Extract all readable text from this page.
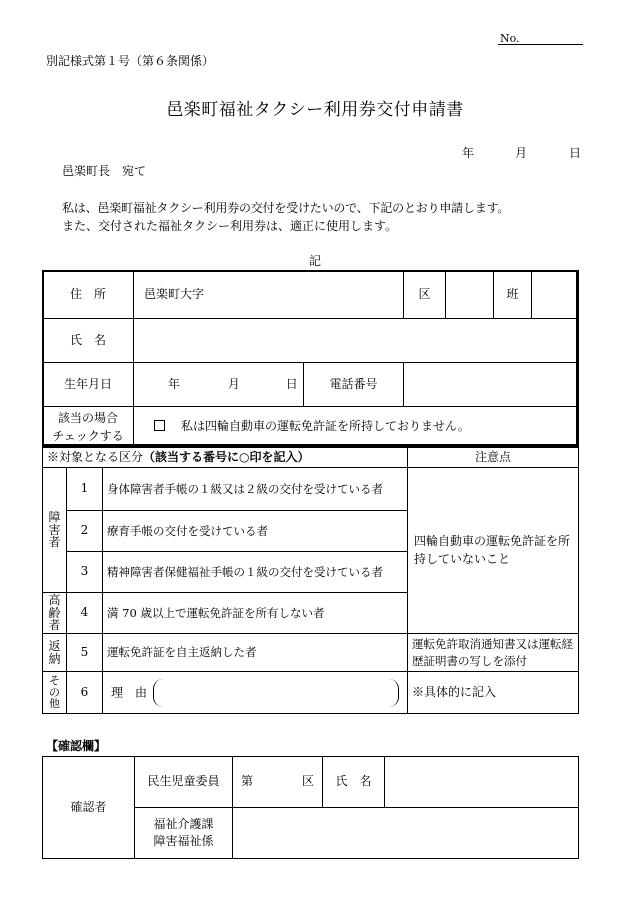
No.
別記様式第１号（第６条関係）
邑楽町福祉タクシー利用券交付申請書
年	月	日
邑楽町長　宛て
私は、邑楽町福祉タクシー利用券の交付を受けたいので、下記のとおり申請します。
また、交付された福祉タクシー利用券は、適正に使用します。
記
住　所	邑楽町大字		区		班	
氏　名						
生年月日	年 月 日	電話番号				
該当の場合
チェックする	私は四輪自動車の運転免許証を所持しておりません。					
※対象となる区分（該当する番号に○印を記入）			注意点
障害者	1	身体障害者手帳の１級又は２級の交付を受けている者	四輪自動車の運転免許証を所持していないこと
	2	療育手帳の交付を受けている者	
	3	精神障害者保健福祉手帳の１級の交付を受けている者	
高齢者	4	満 70 歳以上で運転免許証を所有しない者	
返納	5	運転免許証を自主返納した者	運転免許取消通知書又は運転経歴証明書の写しを添付
その他	6	理　由	※具体的に記入
【確認欄】
確認者	民生児童委員	第 区	氏　名	
	福祉介護課
障害福祉係			
